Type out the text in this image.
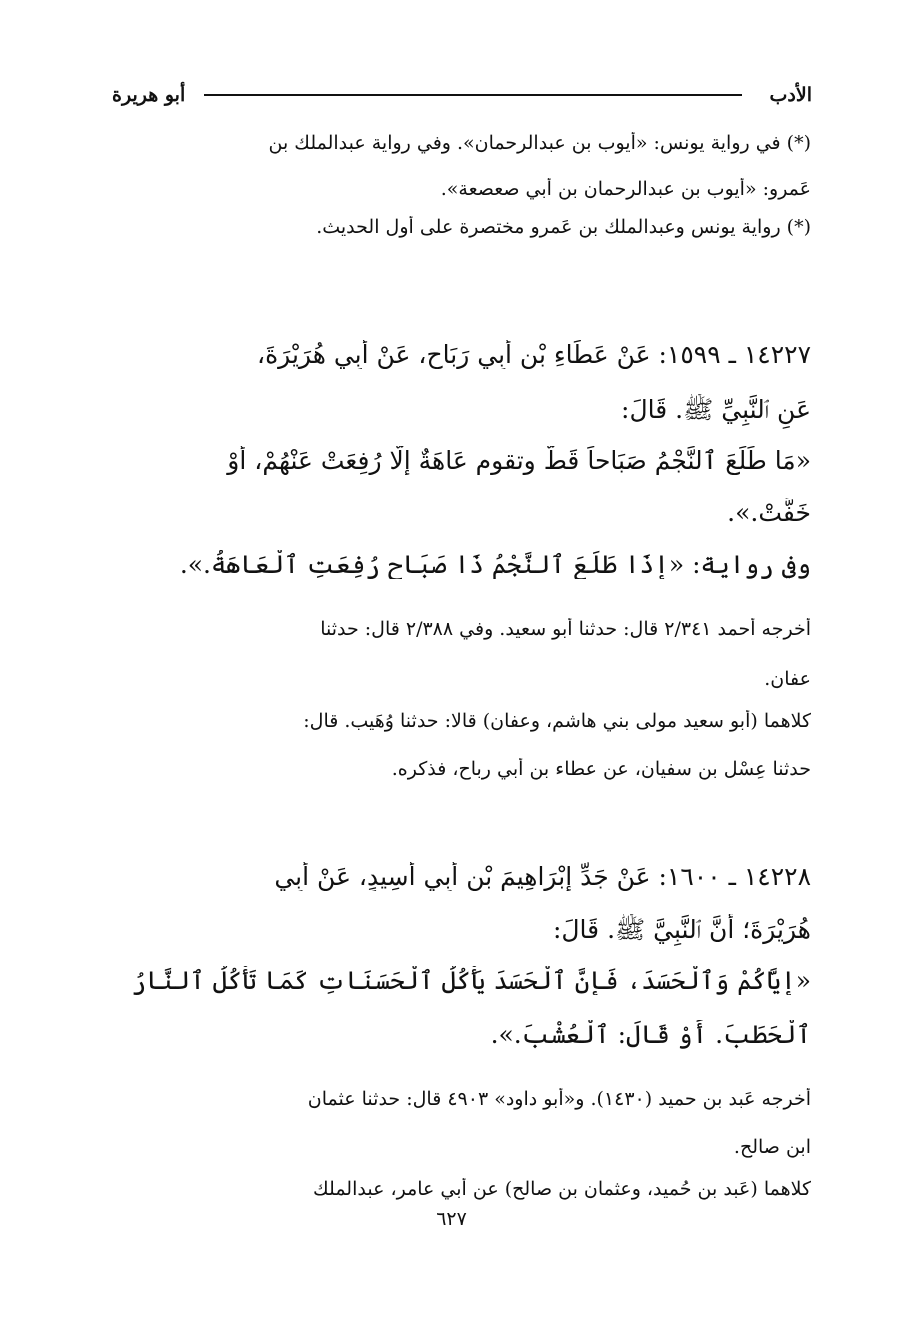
الأدب
أبو هريرة
(*) في رواية يونس: «أيوب بن عبدالرحمان». وفي رواية عبدالملك بن
عَمرو: «أيوب بن عبدالرحمان بن أبي صعصعة».
(*) رواية يونس وعبدالملك بن عَمرو مختصرة على أول الحديث.
١٤٢٢٧ ـ ١٥٩٩: عَنْ عَطَاءِ بْنِ أَبِي رَبَاحٍ، عَنْ أَبِي هُرَيْرَةَ،
عَنِ ٱلنَّبِيِّ ﷺ. قَالَ:
«مَا طَلَعَ ٱلنَّجْمُ صَبَاحاً قَطّ وتقوم عَاهَةٌ إِلَّا رُفِعَتْ عَنْهُمْ، أَوْ
خَفَّتْ.».
وفي رواية: «إِذَا طَلَعَ ٱلنَّجْمُ ذَا صَبَاحٍ رُفِعَتِ ٱلْعَاهَةُ.».
أخرجه أحمد ٢/٣٤١ قال: حدثنا أبو سعيد. وفي ٢/٣٨٨ قال: حدثنا
عفان.
كلاهما (أبو سعيد مولى بني هاشم، وعفان) قالا: حدثنا وُهَيب. قال:
حدثنا عِسْل بن سفيان، عن عطاء بن أبي رباح، فذكره.
١٤٢٢٨ ـ ١٦٠٠: عَنْ جَدِّ إِبْرَاهِيمَ بْنِ أَبِي أَسِيدٍ، عَنْ أَبِي
هُرَيْرَةَ؛ أَنَّ ٱلنَّبِيَّ ﷺ. قَالَ:
«إِيَّاكُمْ وَٱلْحَسَدَ، فَإِنَّ ٱلْحَسَدَ يَأْكُلُ ٱلْحَسَنَاتِ كَمَا تَأْكُلُ ٱلنَّارُ
ٱلْحَطَبَ. أَوْ قَالَ: ٱلْعُشْبَ.».
أخرجه عَبد بن حميد (١٤٣٠). و«أبو داود» ٤٩٠٣ قال: حدثنا عثمان
ابن صالح.
كلاهما (عَبد بن حُميد، وعثمان بن صالح) عن أبي عامر، عبدالملك
٦٢٧
